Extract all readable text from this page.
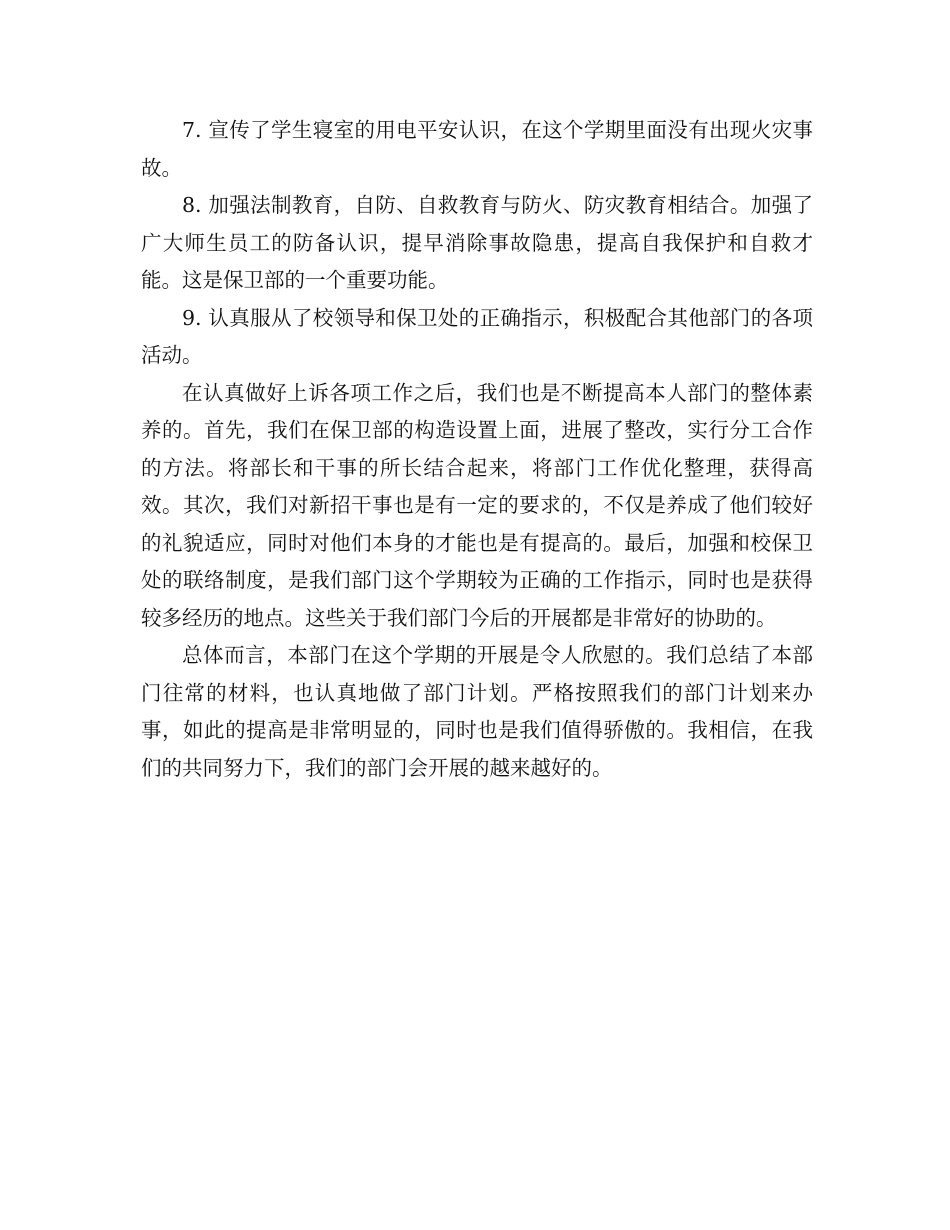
7. 宣传了学生寝室的用电平安认识，在这个学期里面没有出现火灾事故。

8. 加强法制教育，自防、自救教育与防火、防灾教育相结合。加强了广大师生员工的防备认识，提早消除事故隐患，提高自我保护和自救才能。这是保卫部的一个重要功能。

9. 认真服从了校领导和保卫处的正确指示，积极配合其他部门的各项活动。

在认真做好上诉各项工作之后，我们也是不断提高本人部门的整体素养的。首先，我们在保卫部的构造设置上面，进展了整改，实行分工合作的方法。将部长和干事的所长结合起来，将部门工作优化整理，获得高效。其次，我们对新招干事也是有一定的要求的，不仅是养成了他们较好的礼貌适应，同时对他们本身的才能也是有提高的。最后，加强和校保卫处的联络制度，是我们部门这个学期较为正确的工作指示，同时也是获得较多经历的地点。这些关于我们部门今后的开展都是非常好的协助的。

总体而言，本部门在这个学期的开展是令人欣慰的。我们总结了本部门往常的材料，也认真地做了部门计划。严格按照我们的部门计划来办事，如此的提高是非常明显的，同时也是我们值得骄傲的。我相信，在我们的共同努力下，我们的部门会开展的越来越好的。
